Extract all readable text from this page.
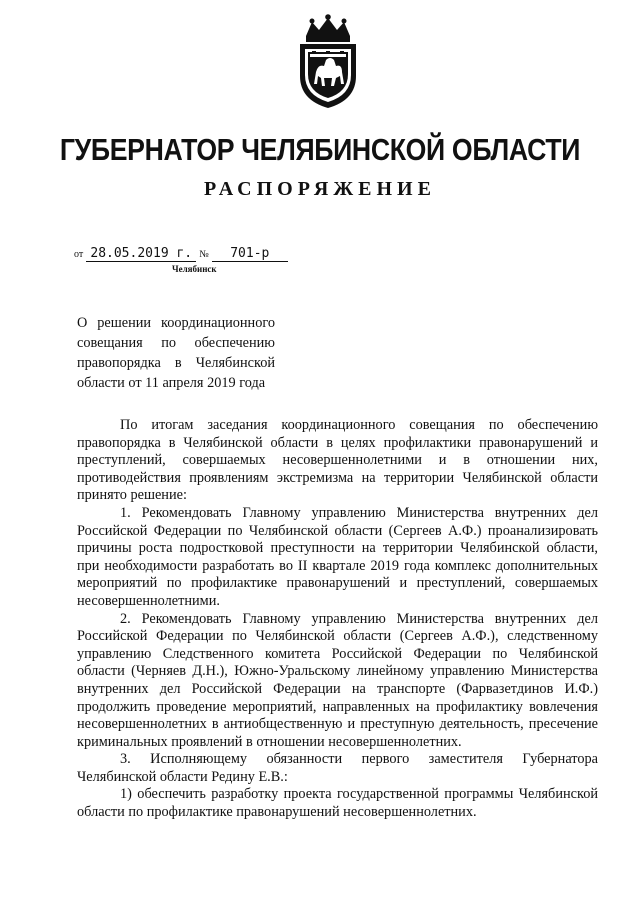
ГУБЕРНАТОР ЧЕЛЯБИНСКОЙ ОБЛАСТИ
РАСПОРЯЖЕНИЕ
от 28.05.2019 г. № 701-р
Челябинск
О решении координационного совещания по обеспечению правопорядка в Челябинской области от 11 апреля 2019 года

По итогам заседания координационного совещания по обеспечению правопорядка в Челябинской области в целях профилактики правонарушений и преступлений, совершаемых несовершеннолетними и в отношении них, противодействия проявлениям экстремизма на территории Челябинской области принято решение:

1. Рекомендовать Главному управлению Министерства внутренних дел Российской Федерации по Челябинской области (Сергеев А.Ф.) проанализировать причины роста подростковой преступности на территории Челябинской области, при необходимости разработать во II квартале 2019 года комплекс дополнительных мероприятий по профилактике правонарушений и преступлений, совершаемых несовершеннолетними.

2. Рекомендовать Главному управлению Министерства внутренних дел Российской Федерации по Челябинской области (Сергеев А.Ф.), следственному управлению Следственного комитета Российской Федерации по Челябинской области (Черняев Д.Н.), Южно-Уральскому линейному управлению Министерства внутренних дел Российской Федерации на транспорте (Фарвазетдинов И.Ф.) продолжить проведение мероприятий, направленных на профилактику вовлечения несовершеннолетних в антиобщественную и преступную деятельность, пресечение криминальных проявлений в отношении несовершеннолетних.

3. Исполняющему обязанности первого заместителя Губернатора Челябинской области Редину Е.В.:

1) обеспечить разработку проекта государственной программы Челябинской области по профилактике правонарушений несовершеннолетних.
